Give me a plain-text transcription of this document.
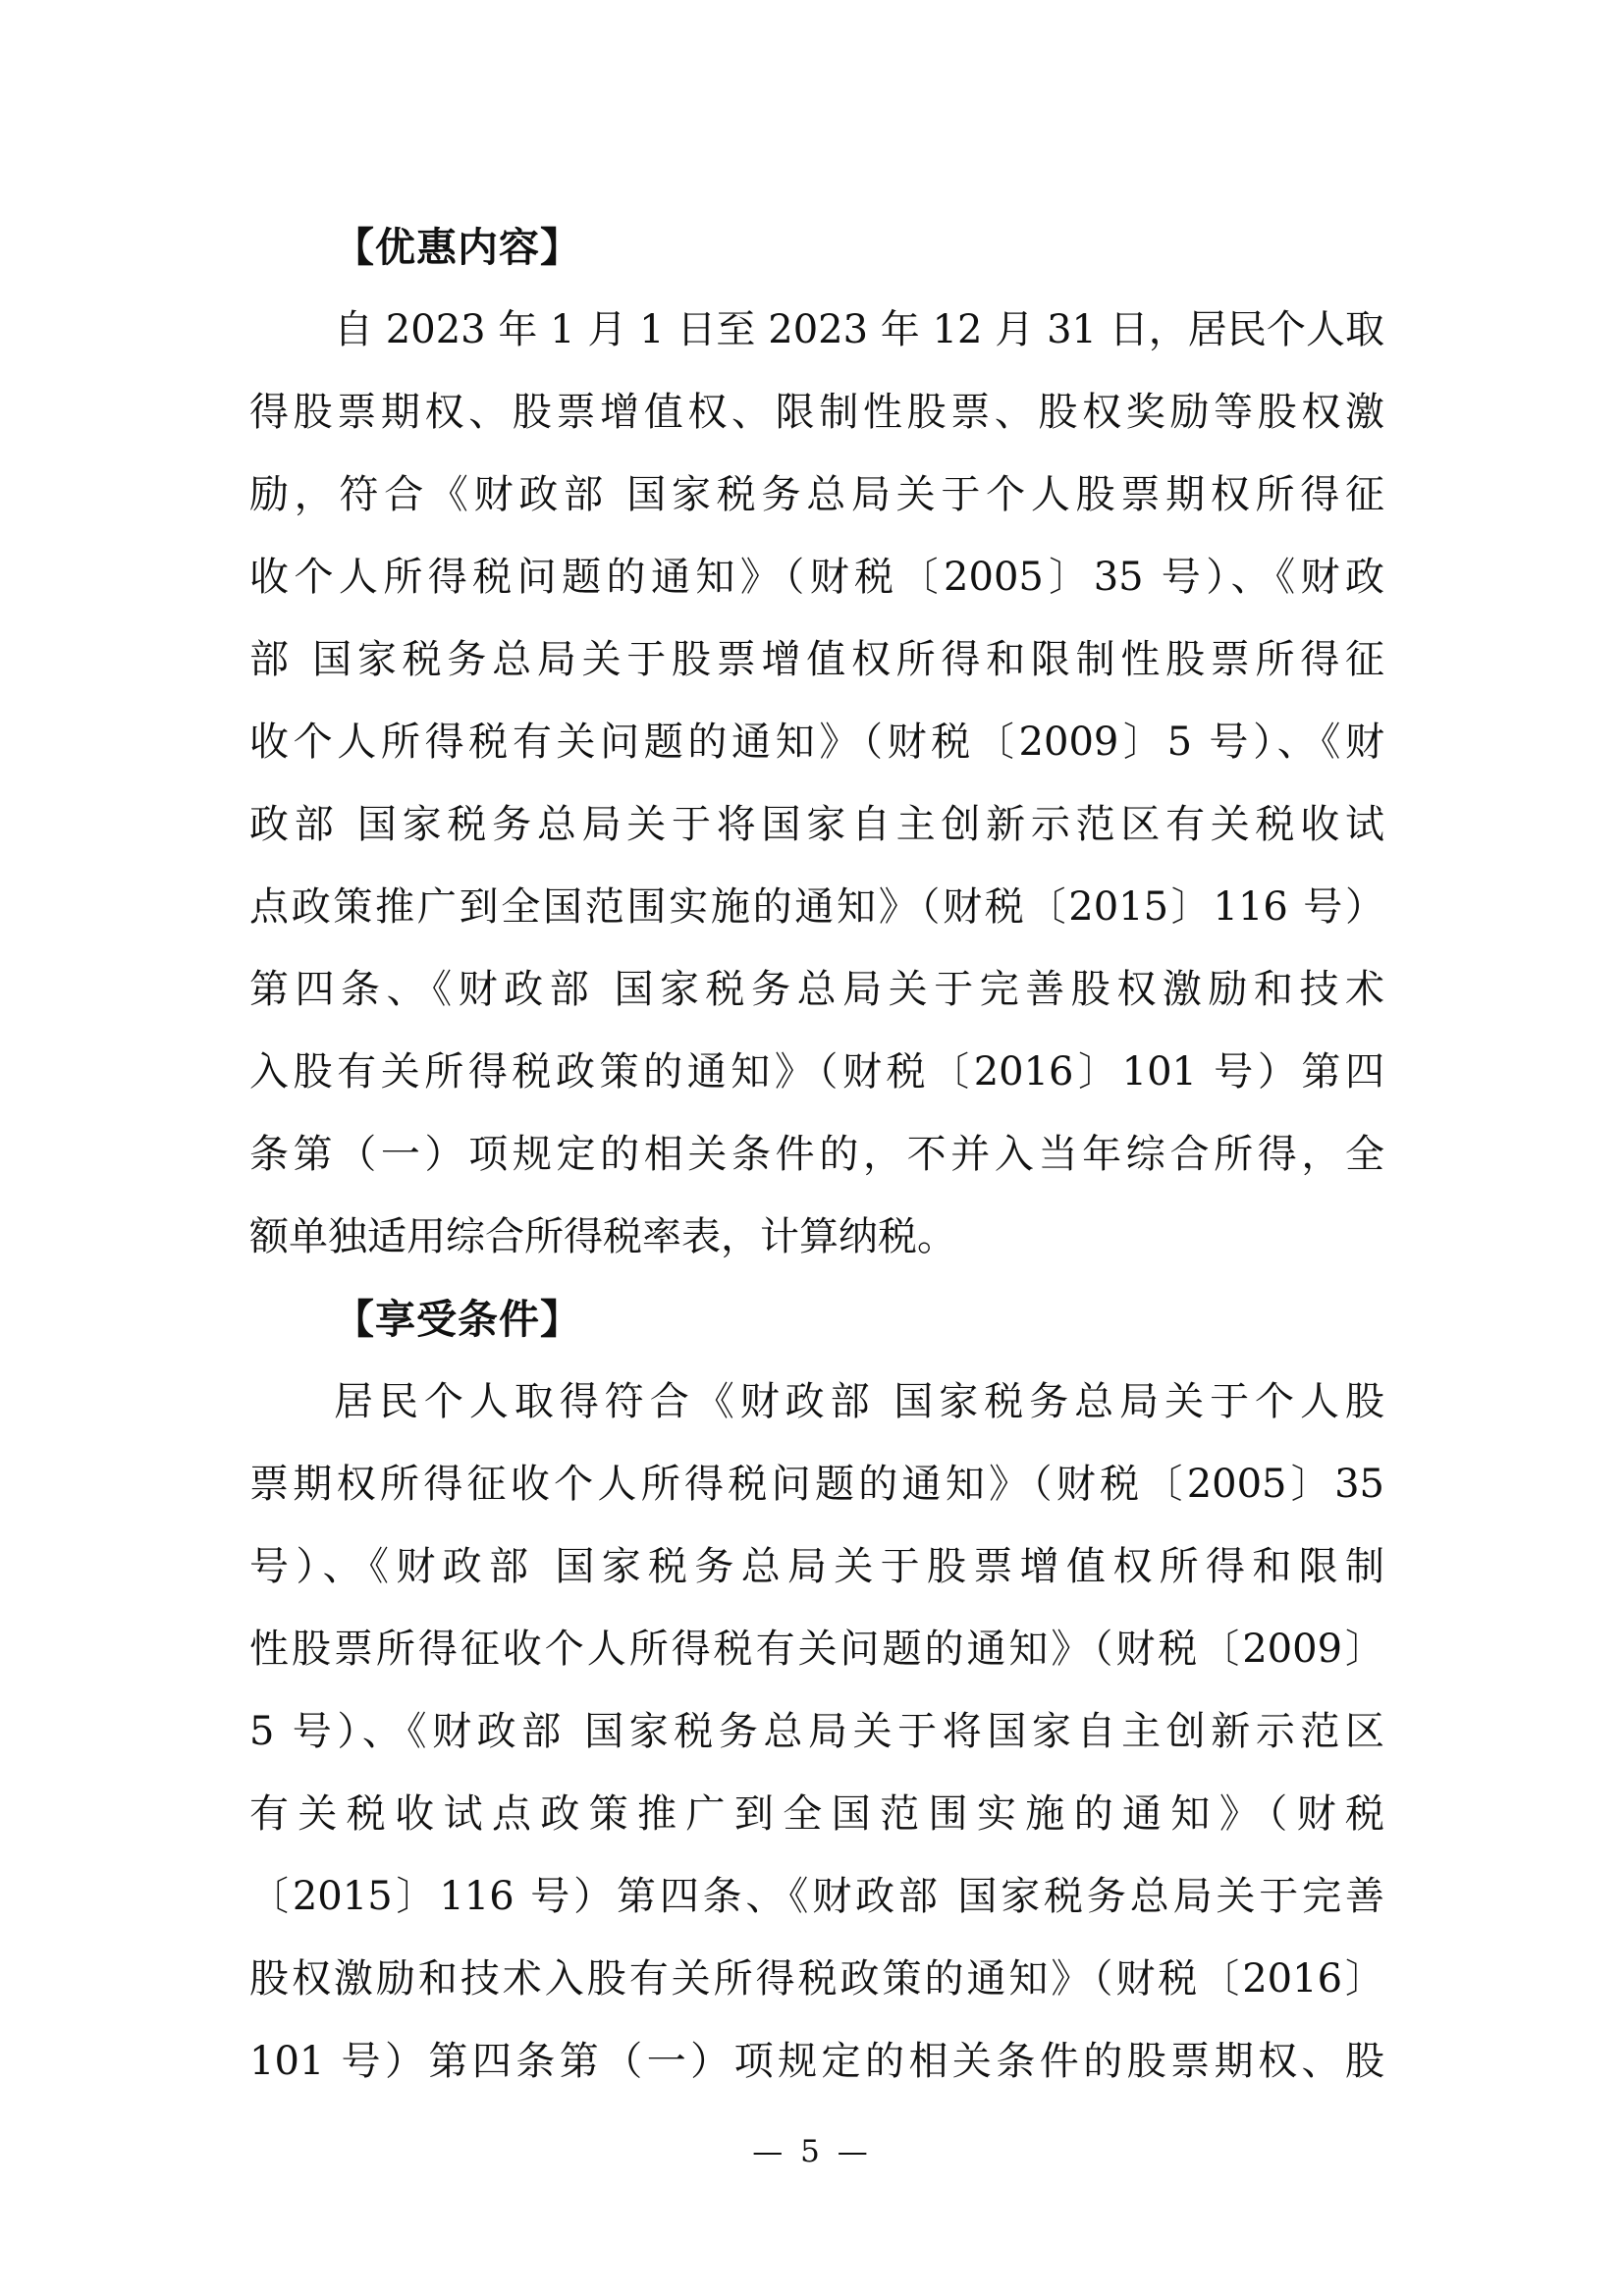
【优惠内容】
自 2023 年 1 月 1 日至 2023 年 12 月 31 日，居民个人取
得股票期权、股票增值权、限制性股票、股权奖励等股权激
励，符合《财政部 国家税务总局关于个人股票期权所得征
收个人所得税问题的通知》（财税〔2005〕35 号）、《财政
部 国家税务总局关于股票增值权所得和限制性股票所得征
收个人所得税有关问题的通知》（财税〔2009〕5 号）、《财
政部 国家税务总局关于将国家自主创新示范区有关税收试
点政策推广到全国范围实施的通知》（财税〔2015〕116 号）
第四条、《财政部 国家税务总局关于完善股权激励和技术
入股有关所得税政策的通知》（财税〔2016〕101 号）第四
条第（一）项规定的相关条件的，不并入当年综合所得，全
额单独适用综合所得税率表，计算纳税。
【享受条件】
居民个人取得符合《财政部 国家税务总局关于个人股
票期权所得征收个人所得税问题的通知》（财税〔2005〕35
号）、《财政部 国家税务总局关于股票增值权所得和限制
性股票所得征收个人所得税有关问题的通知》（财税〔2009〕
5 号）、《财政部 国家税务总局关于将国家自主创新示范区
有关税收试点政策推广到全国范围实施的通知》（财税
〔2015〕116 号）第四条、《财政部 国家税务总局关于完善
股权激励和技术入股有关所得税政策的通知》（财税〔2016〕
101 号）第四条第（一）项规定的相关条件的股票期权、股
— 5 —
